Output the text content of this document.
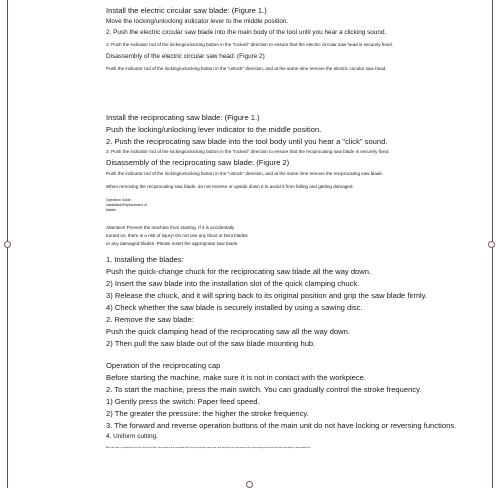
Install the electric circular saw blade: (Figure 1.)

Move the locking/unlocking indicator lever to the middle position.

2. Push the electric circular saw blade into the main body of the tool until you hear a clicking sound.

3. Push the indicator rod of the locking/unlocking button in the "locked" direction to ensure that the electric circular saw head is securely fixed.

Disassembly of the electric circular saw head: (Figure 2)

Push the indicator rod of the locking/unlocking button in the "unlock" direction, and at the same time remove the electric circular saw head.

Install the reciprocating saw blade: (Figure 1.)

Push the locking/unlocking lever indicator to the middle position.

2. Push the reciprocating saw blade into the tool body until you hear a "click" sound.

3. Push the indicator rod of the locking/unlocking button in the "locked" direction to ensure that the reciprocating saw blade is securely fixed.

Disassembly of the reciprocating saw blade: (Figure 2)

Push the indicator rod of the locking/unlocking button in the "unlock" direction, and at the same time remove the reciprocating saw blade.

When removing the reciprocating saw blade, do not reverse or upside down it to avoid it from falling and getting damaged.

Operation Guide

Installation/Replacement of

blades

Attention! Prevent the machine from starting. If it is accidentally

turned on, there is a risk of injury! Do not use any blunt or bent blades

or any damaged blades. Please insert the appropriate saw blade.

1. Installing the blades:

Push the quick-change chuck for the reciprocating saw blade all the way down.

2) Insert the saw blade into the installation slot of the quick clamping chuck.

3) Release the chuck, and it will spring back to its original position and grip the saw blade firmly.

4) Check whether the saw blade is securely installed by using a sawing disc.

2. Remove the saw blade:

Push the quick clamping head of the reciprocating saw all the way down.

2) Then pull the saw blade out of the saw blade mounting hub.

Operation of the reciprocating cap

Before starting the machine, make sure it is not in contact with the workpiece.

2. To start the machine, press the main switch. You can gradually control the stroke frequency.

1) Gently press the switch: Paper feed speed.

2) The greater the pressure: the higher the stroke frequency.

3. The forward and reverse operation buttons of the main unit do not have locking or reversing functions.

4. Uniform cutting.

After the work is completed, first turn off the machine, then remove the saw blade from the reciprocating saw head, and only then can you remove the reciprocating saw head from the main body of the workbench.
